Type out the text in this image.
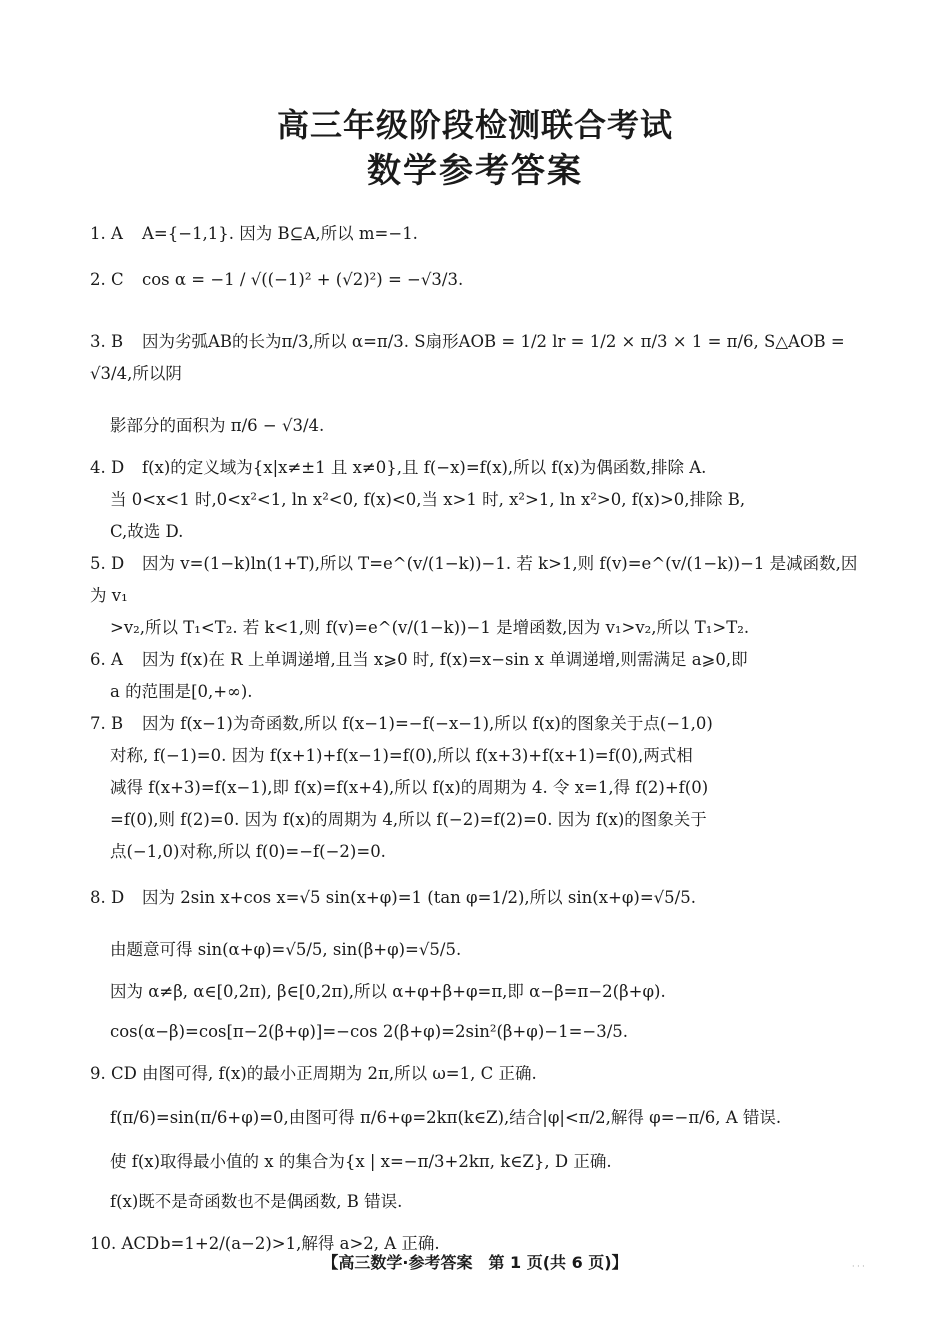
高三年级阶段检测联合考试
数学参考答案
1. A A={−1,1}. 因为 B⊆A,所以 m=−1.
2. C cos α = −1 / √((−1)² + (√2)²) = −√3/3.
3. B 因为劣弧AB的长为π/3,所以 α=π/3. S扇形AOB = 1/2 lr = 1/2 × π/3 × 1 = π/6, S△AOB = √3/4,所以阴
影部分的面积为 π/6 − √3/4.
4. D f(x)的定义域为{x|x≠±1 且 x≠0},且 f(−x)=f(x),所以 f(x)为偶函数,排除 A.
当 0<x<1 时,0<x²<1, ln x²<0, f(x)<0,当 x>1 时, x²>1, ln x²>0, f(x)>0,排除 B,
C,故选 D.
5. D 因为 v=(1−k)ln(1+T),所以 T=e^(v/(1−k))−1. 若 k>1,则 f(v)=e^(v/(1−k))−1 是减函数,因为 v₁
>v₂,所以 T₁<T₂. 若 k<1,则 f(v)=e^(v/(1−k))−1 是增函数,因为 v₁>v₂,所以 T₁>T₂.
6. A 因为 f(x)在 R 上单调递增,且当 x⩾0 时, f(x)=x−sin x 单调递增,则需满足 a⩾0,即
a 的范围是[0,+∞).
7. B 因为 f(x−1)为奇函数,所以 f(x−1)=−f(−x−1),所以 f(x)的图象关于点(−1,0)
对称, f(−1)=0. 因为 f(x+1)+f(x−1)=f(0),所以 f(x+3)+f(x+1)=f(0),两式相
减得 f(x+3)=f(x−1),即 f(x)=f(x+4),所以 f(x)的周期为 4. 令 x=1,得 f(2)+f(0)
=f(0),则 f(2)=0. 因为 f(x)的周期为 4,所以 f(−2)=f(2)=0. 因为 f(x)的图象关于
点(−1,0)对称,所以 f(0)=−f(−2)=0.
8. D 因为 2sin x+cos x=√5 sin(x+φ)=1 (tan φ=1/2),所以 sin(x+φ)=√5/5.
由题意可得 sin(α+φ)=√5/5, sin(β+φ)=√5/5.
因为 α≠β, α∈[0,2π), β∈[0,2π),所以 α+φ+β+φ=π,即 α−β=π−2(β+φ).
cos(α−β)=cos[π−2(β+φ)]=−cos 2(β+φ)=2sin²(β+φ)−1=−3/5.
9. CD 由图可得, f(x)的最小正周期为 2π,所以 ω=1, C 正确.
f(π/6)=sin(π/6+φ)=0,由图可得 π/6+φ=2kπ(k∈Z),结合|φ|<π/2,解得 φ=−π/6, A 错误.
使 f(x)取得最小值的 x 的集合为{x | x=−π/3+2kπ, k∈Z}, D 正确.
f(x)既不是奇函数也不是偶函数, B 错误.
10. ACDb=1+2/(a−2)>1,解得 a>2, A 正确.
【高三数学·参考答案　第 1 页(共 6 页)】	· · ·
